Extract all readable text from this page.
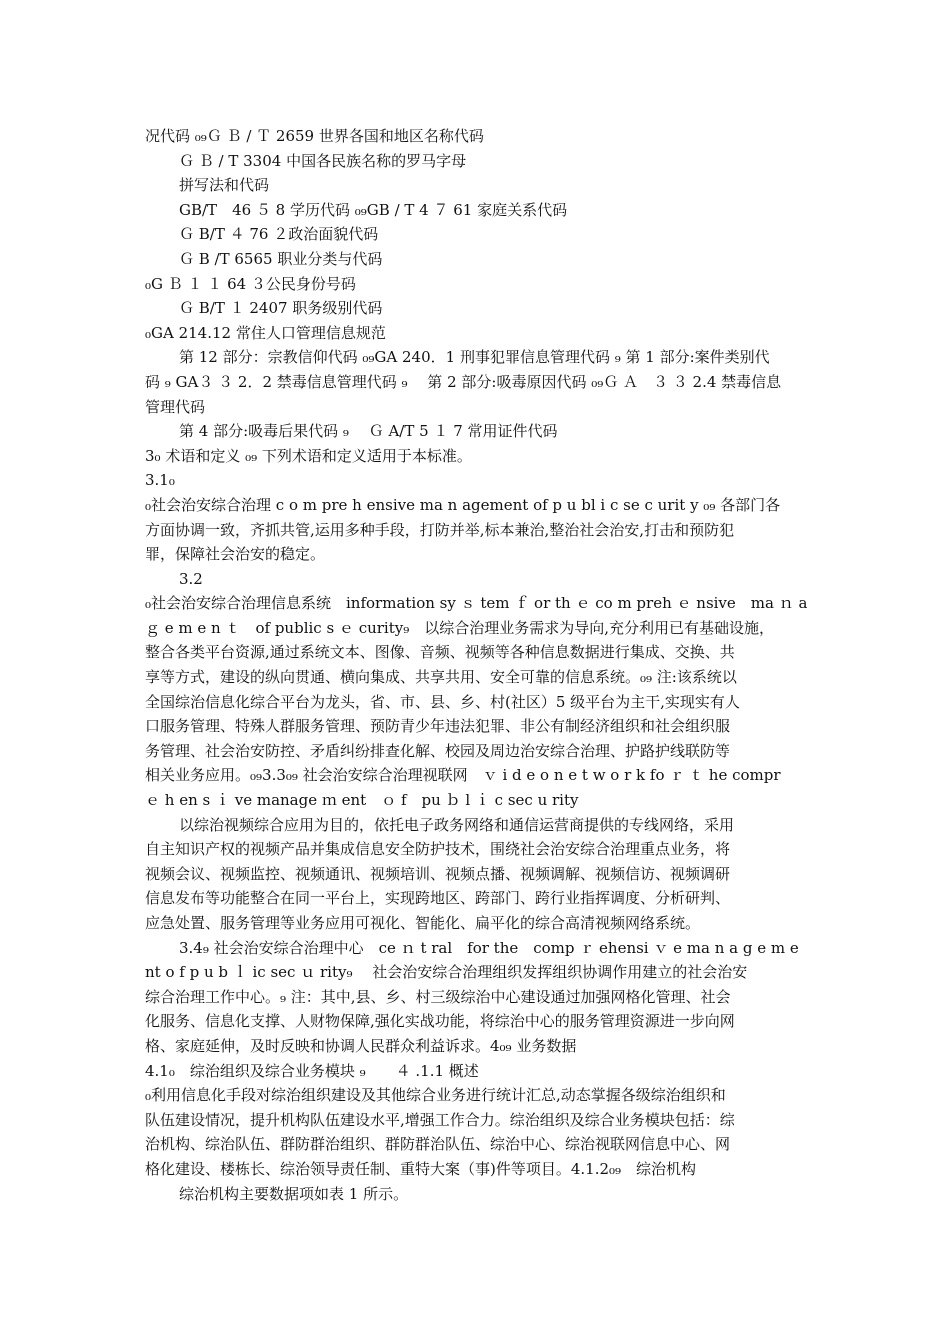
况代码 ₀₉Ｇ Ｂ / Ｔ 2659 世界各国和地区名称代码

Ｇ Ｂ / T 3304 中国各民族名称的罗马字母

拼写法和代码

GB/T　46 ５ 8 学历代码 ₀₉GB / T 4 ７ 61 家庭关系代码

Ｇ B/T ４ 76 ２政治面貌代码

Ｇ B /T 6565 职业分类与代码

₀G Ｂ １ １ 64 ３公民身份号码

Ｇ B/T １ 2407 职务级别代码

₀GA 214.12 常住人口管理信息规范

第 12 部分：宗教信仰代码 ₀₉GA 240．1 刑事犯罪信息管理代码 ₉ 第 1 部分:案件类别代

码 ₉ GA３ ３ 2．2 禁毒信息管理代码 ₉　 第 2 部分:吸毒原因代码 ₀₉Ｇ Ａ　３ ３ 2.4 禁毒信息

管理代码

第 4 部分:吸毒后果代码 ₉　 Ｇ A/T 5 １ 7 常用证件代码

3₀ 术语和定义 ₀₉ 下列术语和定义适用于本标准。

3.1₀

₀社会治安综合治理 c o m pre h ensive ma n agement of p u bl i c se c urit y ₀₉ 各部门各

方面协调一致，齐抓共管,运用多种手段，打防并举,标本兼治,整治社会治安,打击和预防犯

罪，保障社会治安的稳定。

3.2

₀社会治安综合治理信息系统　information sy ｓ tem ｆ or th ｅ co m preh ｅ nsive　ma ｎ a

ｇ e m e n ｔ　of public s ｅ curity₉　以综合治理业务需求为导向,充分利用已有基础设施，

整合各类平台资源,通过系统文本、图像、音频、视频等各种信息数据进行集成、交换、共

享等方式，建设的纵向贯通、横向集成、共享共用、安全可靠的信息系统。₀₉ 注:该系统以

全国综治信息化综合平台为龙头，省、市、县、乡、村(社区）5 级平台为主干,实现实有人

口服务管理、特殊人群服务管理、预防青少年违法犯罪、非公有制经济组织和社会组织服

务管理、社会治安防控、矛盾纠纷排查化解、校园及周边治安综合治理、护路护线联防等

相关业务应用。₀₉3.3₀₉ 社会治安综合治理视联网　ｖ i d e o n e t w o r k fo ｒ ｔ he compr

ｅ h en s ｉ ve manage ｍ ent　ｏ f　pu ｂ l ｉ c sec u rity

以综治视频综合应用为目的，依托电子政务网络和通信运营商提供的专线网络，采用

自主知识产权的视频产品并集成信息安全防护技术，围绕社会治安综合治理重点业务，将

视频会议、视频监控、视频通讯、视频培训、视频点播、视频调解、视频信访、视频调研

信息发布等功能整合在同一平台上，实现跨地区、跨部门、跨行业指挥调度、分析研判、

应急处置、服务管理等业务应用可视化、智能化、扁平化的综合高清视频网络系统。

3.4₉ 社会治安综合治理中心　ce ｎ t ral　for the　comp ｒ ehensi ｖ e ma n a g e m e

nt o f p u b ｌ ic sec ｕ rity₉　 社会治安综合治理组织发挥组织协调作用建立的社会治安

综合治理工作中心。₉ 注：其中,县、乡、村三级综治中心建设通过加强网格化管理、社会

化服务、信息化支撑、人财物保障,强化实战功能，将综治中心的服务管理资源进一步向网

格、家庭延伸，及时反映和协调人民群众利益诉求。4₀₉ 业务数据

4.1₀　综治组织及综合业务模块 ₉　　４ .1.1 概述

₀利用信息化手段对综治组织建设及其他综合业务进行统计汇总,动态掌握各级综治组织和

队伍建设情况，提升机构队伍建设水平,增强工作合力。综治组织及综合业务模块包括：综

治机构、综治队伍、群防群治组织、群防群治队伍、综治中心、综治视联网信息中心、网

格化建设、楼栋长、综治领导责任制、重特大案（事)件等项目。4.1.2₀₉　综治机构

综治机构主要数据项如表 1 所示。
